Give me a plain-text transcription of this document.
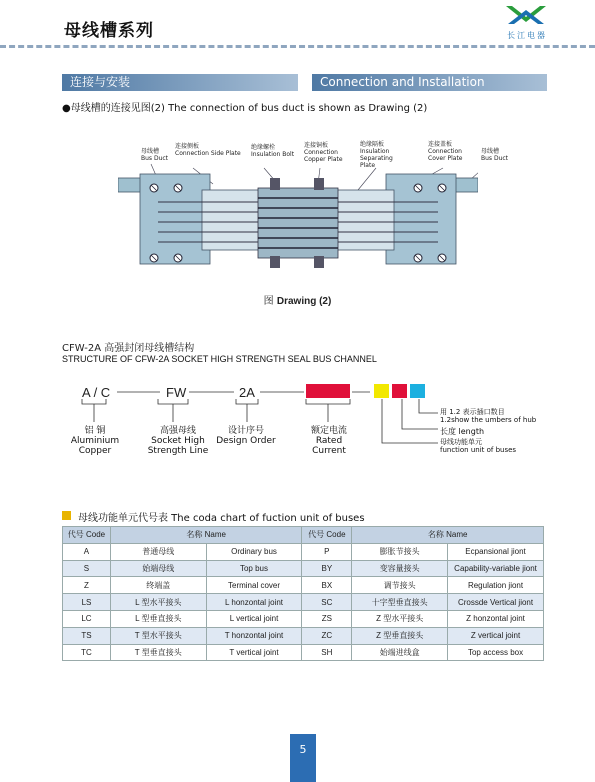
母线槽系列	长江电器
连接与安装	Connection and Installation
●母线槽的连接见图(2) The connection of bus duct is shown as Drawing (2)
母线槽
Bus Duct
连接侧板
Connection Side Plate
绝缘螺栓
Insulation Bolt
连接铜板
Connection Copper Plate
绝缘隔板
Insulation Separating Plate
连接盖板
Connection Cover Plate
母线槽
Bus Duct
图 Drawing (2)
CFW-2A 高强封闭母线槽结构
STRUCTURE OF CFW-2A SOCKET HIGH STRENGTH SEAL BUS CHANNEL
A / C	FW	2A
铝 铜
Aluminium Copper
高强母线
Socket High
Strength Line
设计序号
Design Order
额定电流
Rated Current
用 1.2 表示插口数目
1.2show the umbers of hub
长度 length
母线功能单元
function unit of buses
母线功能单元代号表 The coda chart of fuction unit of buses
代号 Code	名称 Name		代号 Code	名称 Name	
A	普通母线	Ordinary bus	P	膨胀节接头	Ecpansional jiont
S	始端母线	Top bus	BY	变容量接头	Capability-variable jiont
Z	终端盖	Terminal cover	BX	调节接头	Regulation jiont
LS	L 型水平接头	L honzontal joint	SC	十字型垂直接头	Crossde Vertical jiont
LC	L 型垂直接头	L vertical joint	ZS	Z 型水平接头	Z honzontal joint
TS	T 型水平接头	T honzontal joint	ZC	Z 型垂直接头	Z vertical joint
TC	T 型垂直接头	T vertical joint	SH	始端进线盒	Top access box
5
